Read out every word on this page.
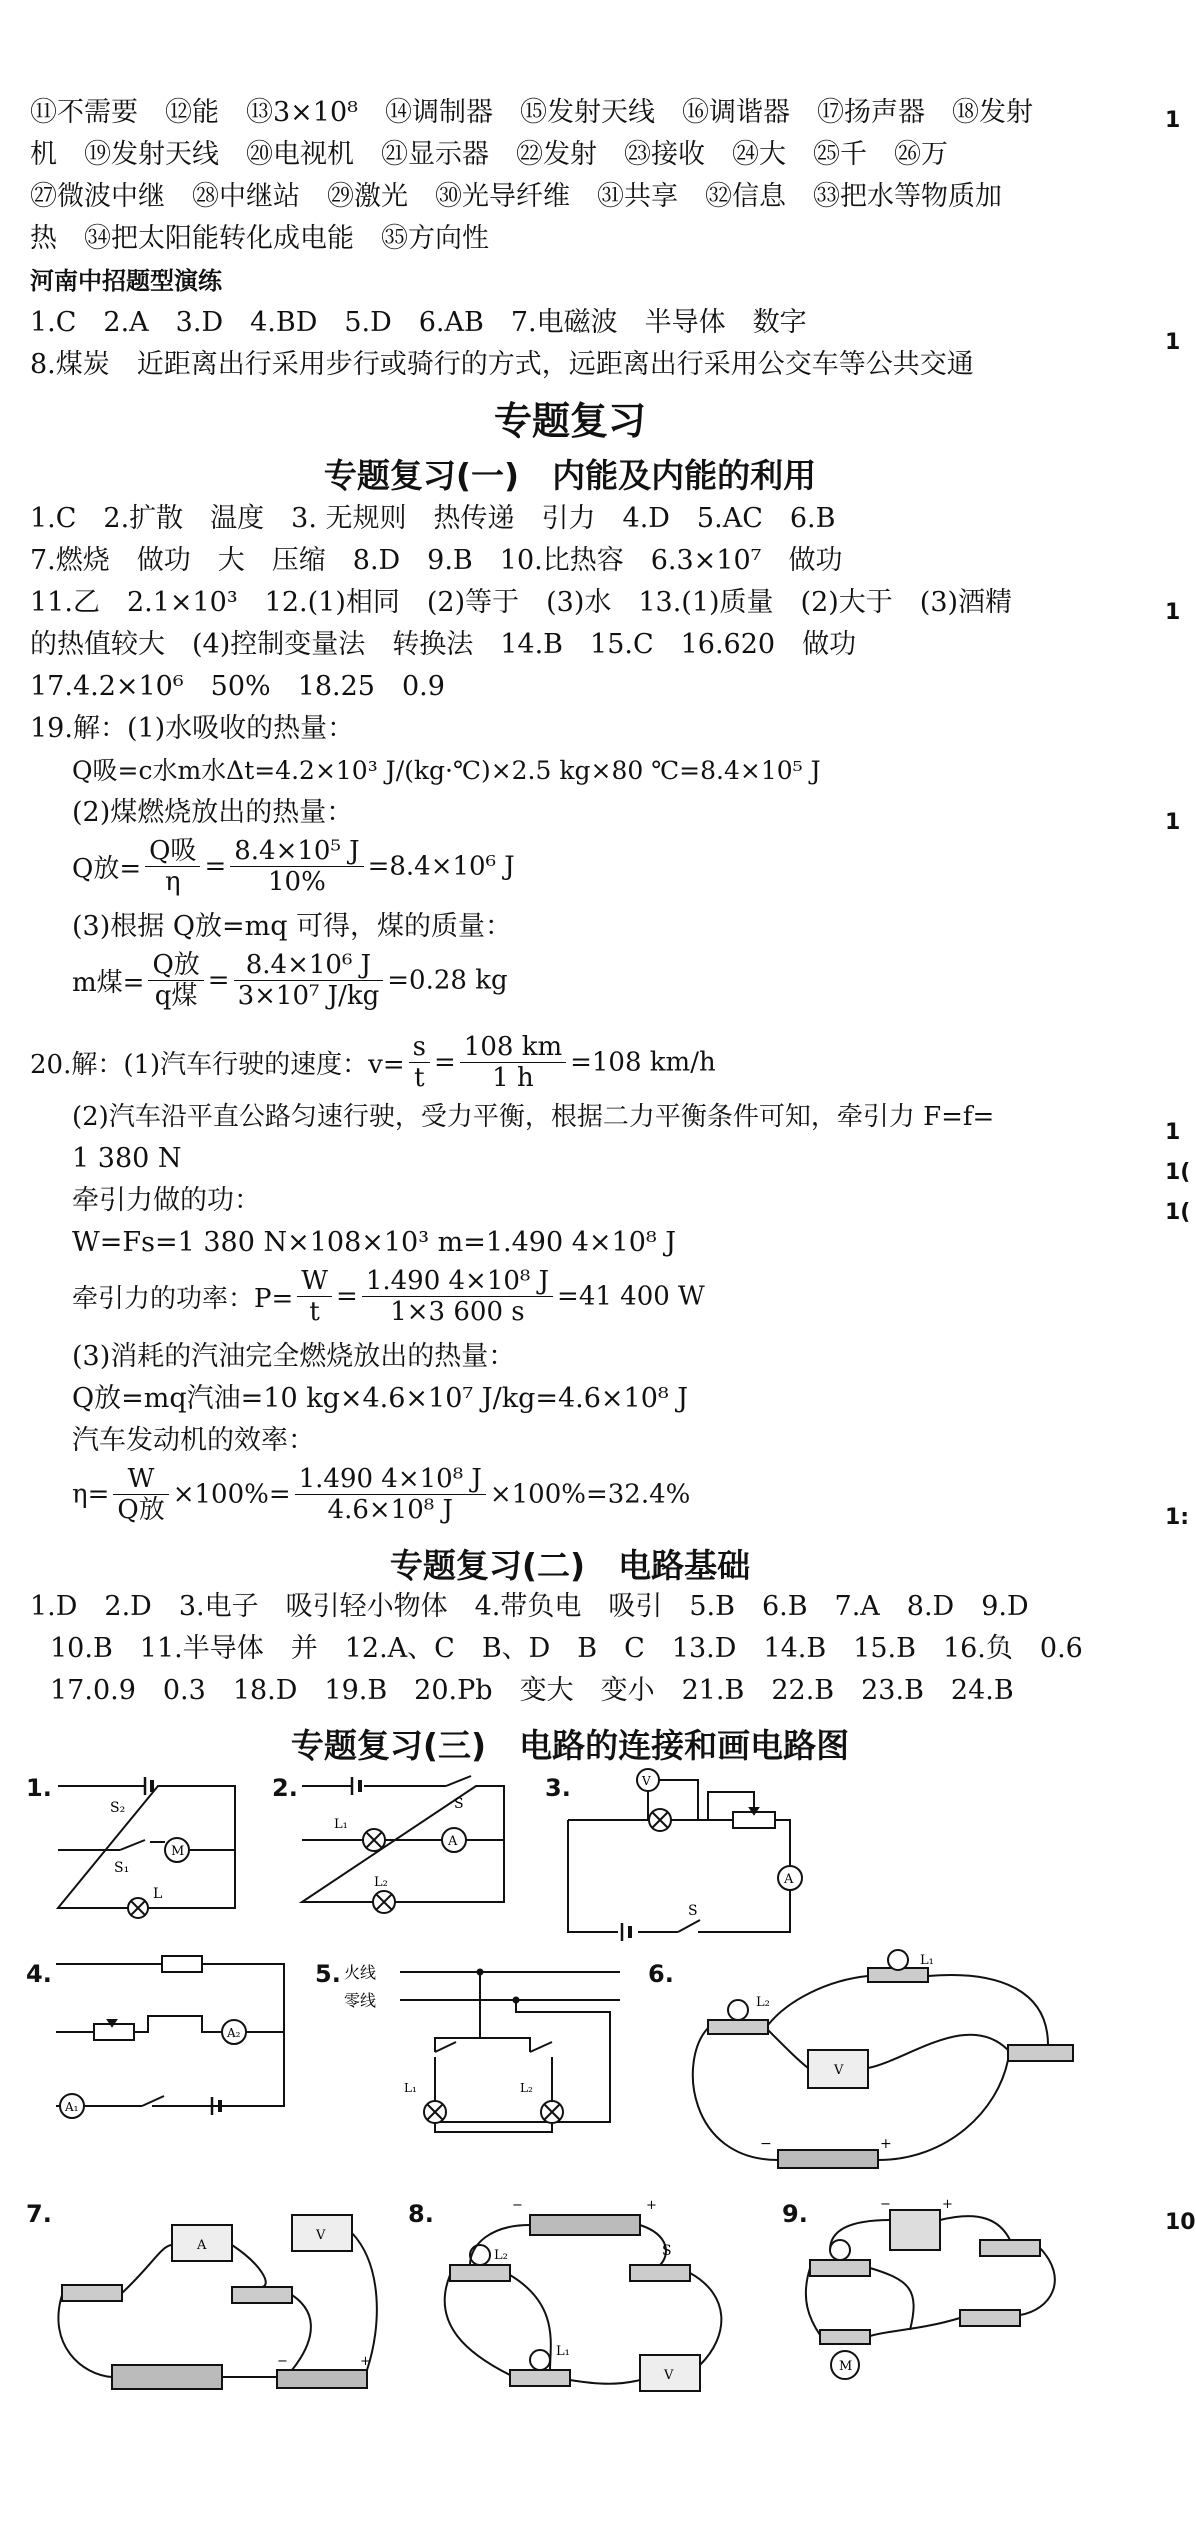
⑪不需要　⑫能　⑬3×10⁸　⑭调制器　⑮发射天线　⑯调谐器　⑰扬声器　⑱发射
机　⑲发射天线　⑳电视机　㉑显示器　㉒发射　㉓接收　㉔大　㉕千　㉖万
㉗微波中继　㉘中继站　㉙激光　㉚光导纤维　㉛共享　㉜信息　㉝把水等物质加
热　㉞把太阳能转化成电能　㉟方向性
河南中招题型演练
1.C　2.A　3.D　4.BD　5.D　6.AB　7.电磁波　半导体　数字
8.煤炭　近距离出行采用步行或骑行的方式，远距离出行采用公交车等公共交通
专题复习
专题复习(一)　内能及内能的利用
1.C　2.扩散　温度　3. 无规则　热传递　引力　4.D　5.AC　6.B
7.燃烧　做功　大　压缩　8.D　9.B　10.比热容　6.3×10⁷　做功
11.乙　2.1×10³　12.(1)相同　(2)等于　(3)水　13.(1)质量　(2)大于　(3)酒精
的热值较大　(4)控制变量法　转换法　14.B　15.C　16.620　做功
17.4.2×10⁶　50%　18.25　0.9
19.解：(1)水吸收的热量：
Q吸=c水m水Δt=4.2×10³ J/(kg·℃)×2.5 kg×80 ℃=8.4×10⁵ J
(2)煤燃烧放出的热量：
Q放= $\frac{\text{Q吸}}{\eta} = \frac{\text{8.4×10⁵ J}}{10\%} =8.4\times 10^6$ J
(3)根据 Q放=mq 可得，煤的质量：
m煤= $\frac{\text{Q放}}{\text{q煤}} = \frac{\text{8.4×10⁶ J}}{\text{3×10⁷ J/kg}} =0.28$ kg
20.解：(1)汽车行驶的速度：$v= \frac{s}{t} = \frac{108 km}{1 h} =108$ km/h
(2)汽车沿平直公路匀速行驶，受力平衡，根据二力平衡条件可知，牵引力 F=f=
1 380 N
牵引力做的功：
W=Fs=1 380 N×108×10³ m=1.490 4×10⁸ J
牵引力的功率：$P= \frac{W}{t} = \frac{\text{1.490 4×10⁸ J}}{1\times 3 600 s} =41$ 400 W
(3)消耗的汽油完全燃烧放出的热量：
Q放=mq汽油=10 kg×4.6×10⁷ J/kg=4.6×10⁸ J
汽车发动机的效率：
$\eta= \frac{W}{\text{Q放}} \times 100\%= \frac{\text{1.490 4×10⁸ J}}{\text{4.6×10⁸ J}} \times 100\%=32.4\%$
专题复习(二)　电路基础
1.D　2.D　3.电子　吸引轻小物体　4.带负电　吸引　5.B　6.B　7.A　8.D　9.D
10.B　11.半导体　并　12.A、C　B、D　B　C　13.D　14.B　15.B　16.负　0.6
17.0.9　0.3　18.D　19.B　20.Pb　变大　变小　21.B　22.B　23.B　24.B
专题复习(三)　电路的连接和画电路图
1.	2.	3.
4.	5.	6.
7.	8.	9.
S₂
S₁
M
L
L₁
A
S
L₂
V
A
S
A₂
A₁
火线
零线
L₁	L₂
L₁
L₂
V
−	+
A
V
−	+
−	+
S
L₂
L₁
V
−	+
M
1
1
1
1
1
1(
1(
1:
10
